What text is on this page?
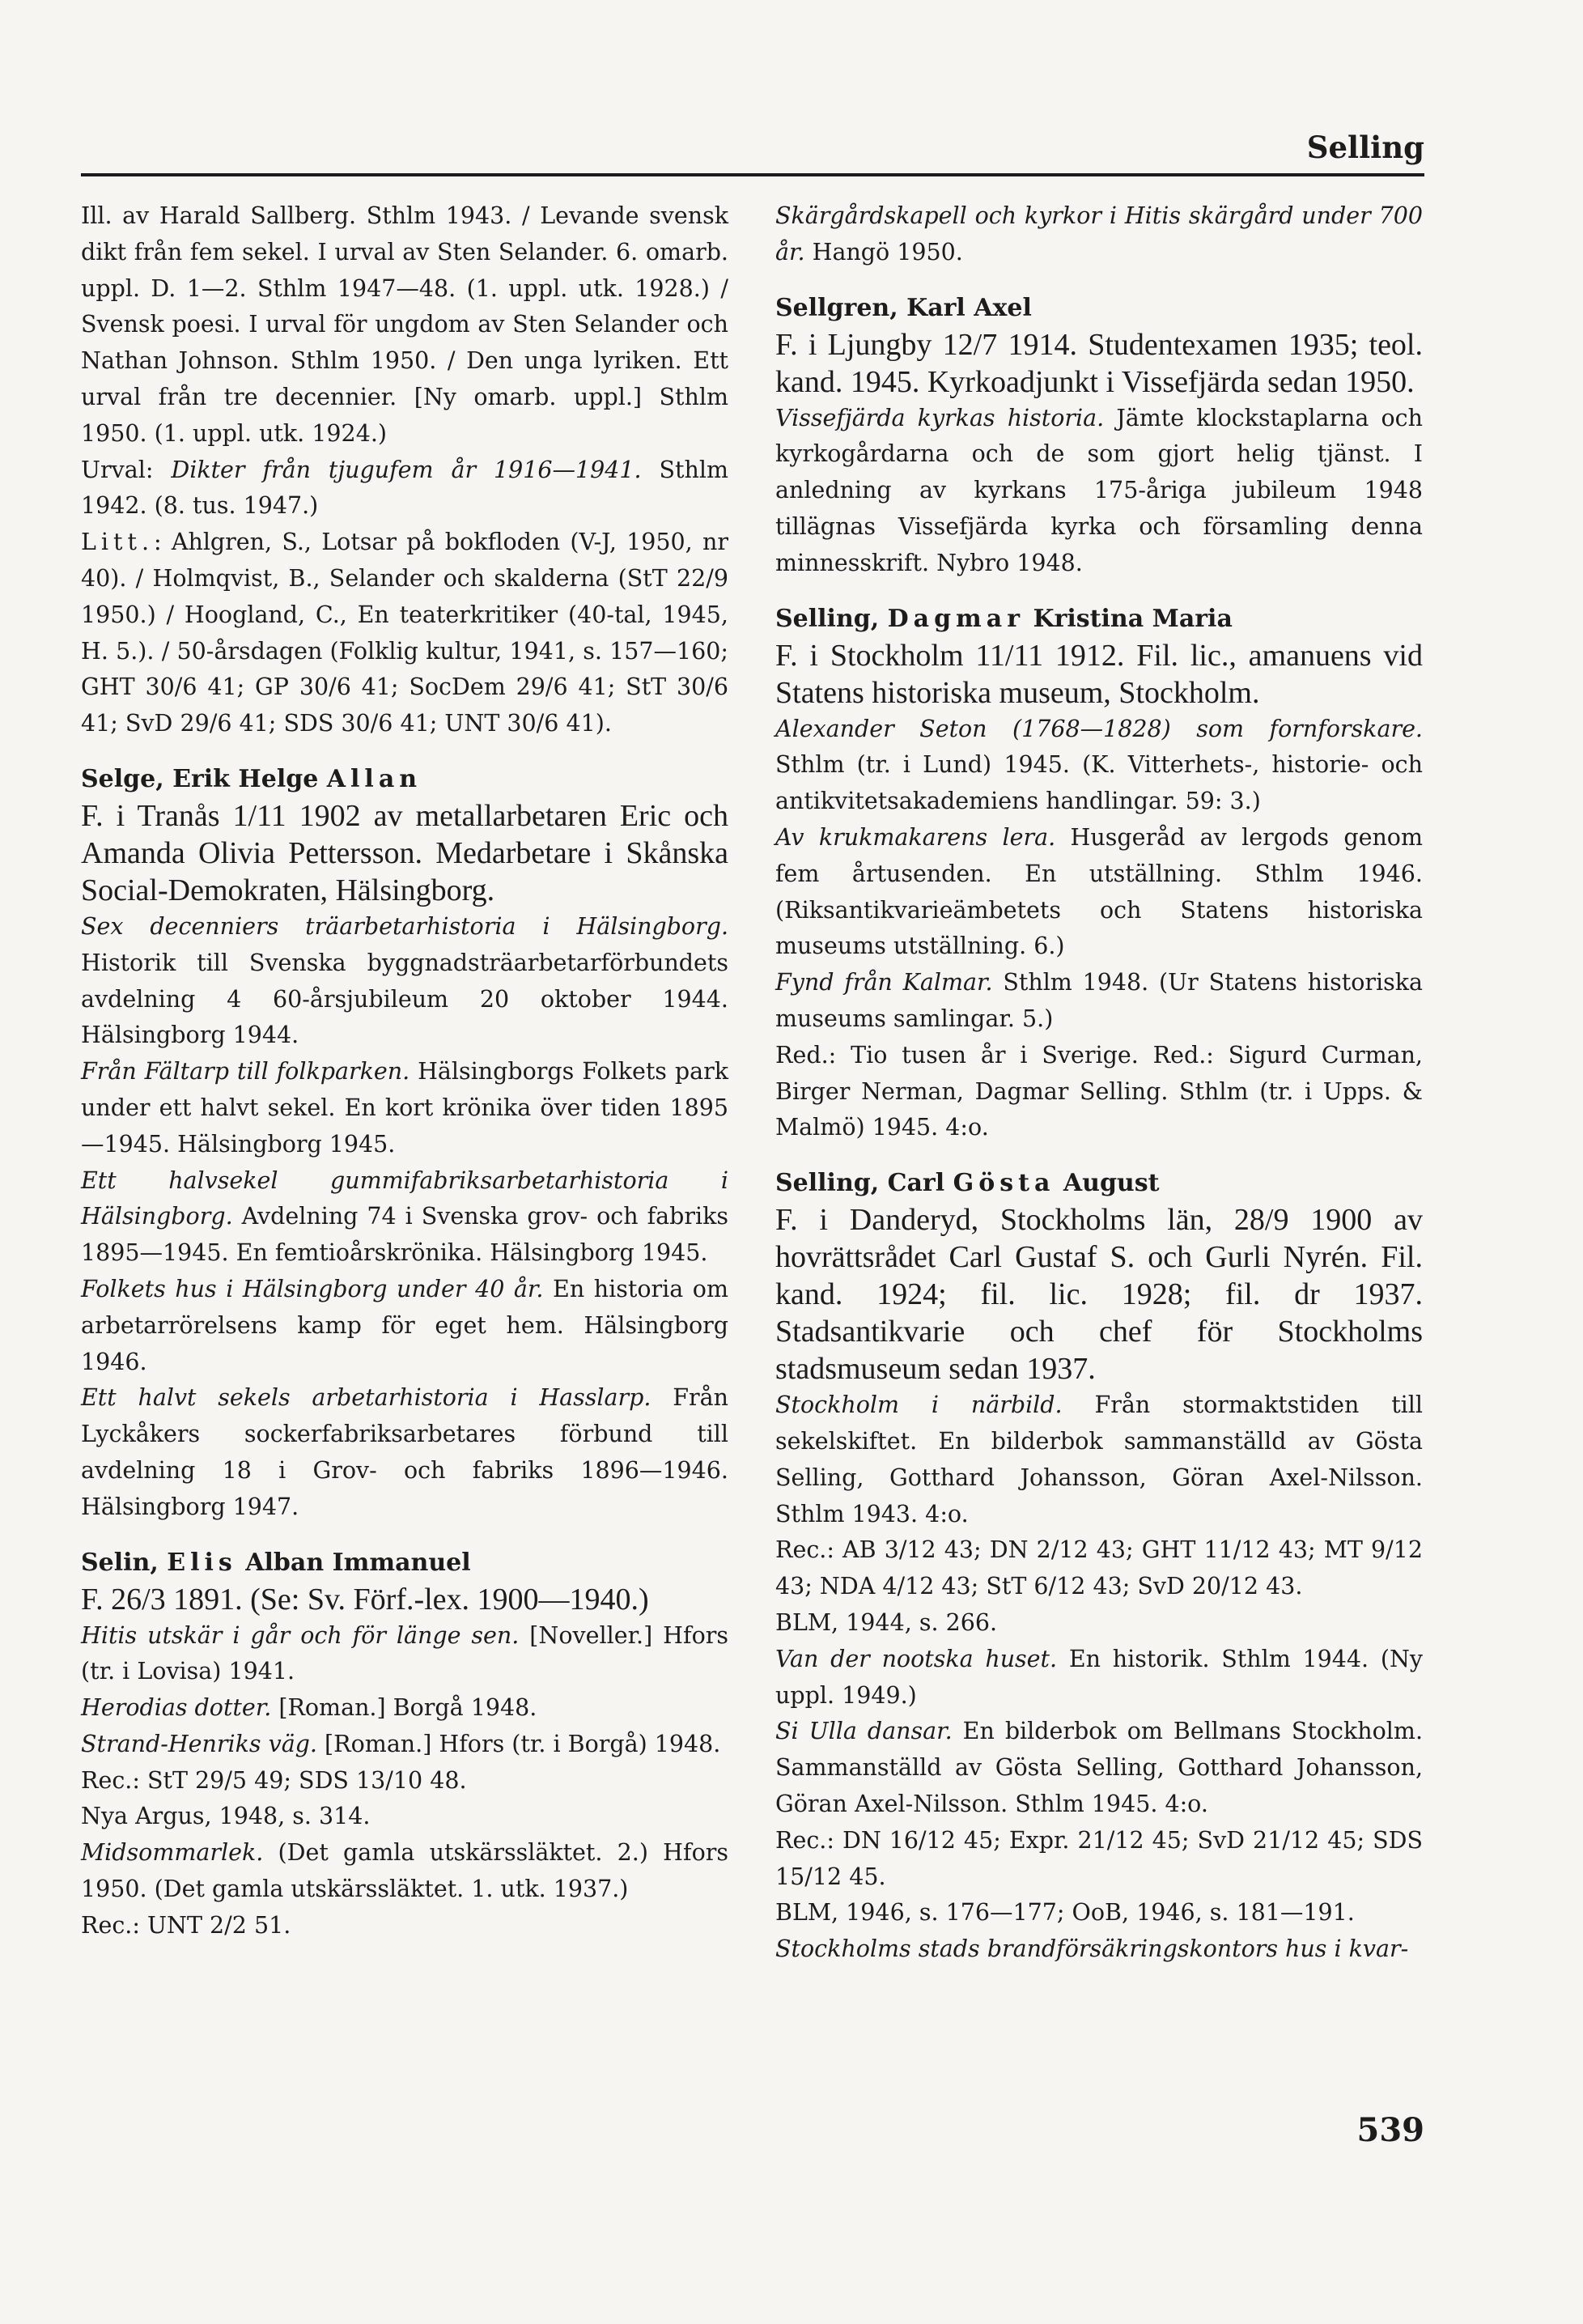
Selling

Ill. av Harald Sallberg. Sthlm 1943. / Levande svensk dikt från fem sekel. I urval av Sten Selander. 6. omarb. uppl. D. 1—2. Sthlm 1947—48. (1. uppl. utk. 1928.) / Svensk poesi. I urval för ungdom av Sten Selander och Nathan Johnson. Sthlm 1950. / Den unga lyriken. Ett urval från tre decennier. [Ny omarb. uppl.] Sthlm 1950. (1. uppl. utk. 1924.)

Urval: Dikter från tjugufem år 1916—1941. Sthlm 1942. (8. tus. 1947.)

Litt.: Ahlgren, S., Lotsar på bokfloden (V-J, 1950, nr 40). / Holmqvist, B., Selander och skalderna (StT 22/9 1950.) / Hoogland, C., En teaterkritiker (40-tal, 1945, H. 5.). / 50-årsdagen (Folklig kultur, 1941, s. 157—160; GHT 30/6 41; GP 30/6 41; SocDem 29/6 41; StT 30/6 41; SvD 29/6 41; SDS 30/6 41; UNT 30/6 41).

Selge, Erik Helge Allan

F. i Tranås 1/11 1902 av metallarbetaren Eric och Amanda Olivia Pettersson. Medarbetare i Skånska Social-Demokraten, Hälsingborg.

Sex decenniers träarbetarhistoria i Hälsingborg. Historik till Svenska byggnadsträarbetarförbundets avdelning 4 60-årsjubileum 20 oktober 1944. Hälsingborg 1944.

Från Fältarp till folkparken. Hälsingborgs Folkets park under ett halvt sekel. En kort krönika över tiden 1895—1945. Hälsingborg 1945.

Ett halvsekel gummifabriksarbetarhistoria i Hälsingborg. Avdelning 74 i Svenska grov- och fabriks 1895—1945. En femtioårskrönika. Hälsingborg 1945.

Folkets hus i Hälsingborg under 40 år. En historia om arbetarrörelsens kamp för eget hem. Hälsingborg 1946.

Ett halvt sekels arbetarhistoria i Hasslarp. Från Lyckåkers sockerfabriksarbetares förbund till avdelning 18 i Grov- och fabriks 1896—1946. Hälsingborg 1947.

Selin, Elis Alban Immanuel

F. 26/3 1891. (Se: Sv. Förf.-lex. 1900—1940.)

Hitis utskär i går och för länge sen. [Noveller.] Hfors (tr. i Lovisa) 1941.

Herodias dotter. [Roman.] Borgå 1948.

Strand-Henriks väg. [Roman.] Hfors (tr. i Borgå) 1948.

Rec.: StT 29/5 49; SDS 13/10 48.

Nya Argus, 1948, s. 314.

Midsommarlek. (Det gamla utskärssläktet. 2.) Hfors 1950. (Det gamla utskärssläktet. 1. utk. 1937.)

Rec.: UNT 2/2 51.

Skärgårdskapell och kyrkor i Hitis skärgård under 700 år. Hangö 1950.

Sellgren, Karl Axel

F. i Ljungby 12/7 1914. Studentexamen 1935; teol. kand. 1945. Kyrkoadjunkt i Vissefjärda sedan 1950.

Vissefjärda kyrkas historia. Jämte klockstaplarna och kyrkogårdarna och de som gjort helig tjänst. I anledning av kyrkans 175-åriga jubileum 1948 tillägnas Vissefjärda kyrka och församling denna minnesskrift. Nybro 1948.

Selling, Dagmar Kristina Maria

F. i Stockholm 11/11 1912. Fil. lic., amanuens vid Statens historiska museum, Stockholm.

Alexander Seton (1768—1828) som fornforskare. Sthlm (tr. i Lund) 1945. (K. Vitterhets-, historie- och antikvitetsakademiens handlingar. 59: 3.)

Av krukmakarens lera. Husgeråd av lergods genom fem årtusenden. En utställning. Sthlm 1946. (Riksantikvarieämbetets och Statens historiska museums utställning. 6.)

Fynd från Kalmar. Sthlm 1948. (Ur Statens historiska museums samlingar. 5.)

Red.: Tio tusen år i Sverige. Red.: Sigurd Curman, Birger Nerman, Dagmar Selling. Sthlm (tr. i Upps. & Malmö) 1945. 4:o.

Selling, Carl Gösta August

F. i Danderyd, Stockholms län, 28/9 1900 av hovrättsrådet Carl Gustaf S. och Gurli Nyrén. Fil. kand. 1924; fil. lic. 1928; fil. dr 1937. Stadsantikvarie och chef för Stockholms stadsmuseum sedan 1937.

Stockholm i närbild. Från stormaktstiden till sekelskiftet. En bilderbok sammanställd av Gösta Selling, Gotthard Johansson, Göran Axel-Nilsson. Sthlm 1943. 4:o.

Rec.: AB 3/12 43; DN 2/12 43; GHT 11/12 43; MT 9/12 43; NDA 4/12 43; StT 6/12 43; SvD 20/12 43.

BLM, 1944, s. 266.

Van der nootska huset. En historik. Sthlm 1944. (Ny uppl. 1949.)

Si Ulla dansar. En bilderbok om Bellmans Stockholm. Sammanställd av Gösta Selling, Gotthard Johansson, Göran Axel-Nilsson. Sthlm 1945. 4:o.

Rec.: DN 16/12 45; Expr. 21/12 45; SvD 21/12 45; SDS 15/12 45.

BLM, 1946, s. 176—177; OoB, 1946, s. 181—191.

Stockholms stads brandförsäkringskontors hus i kvar-

539
